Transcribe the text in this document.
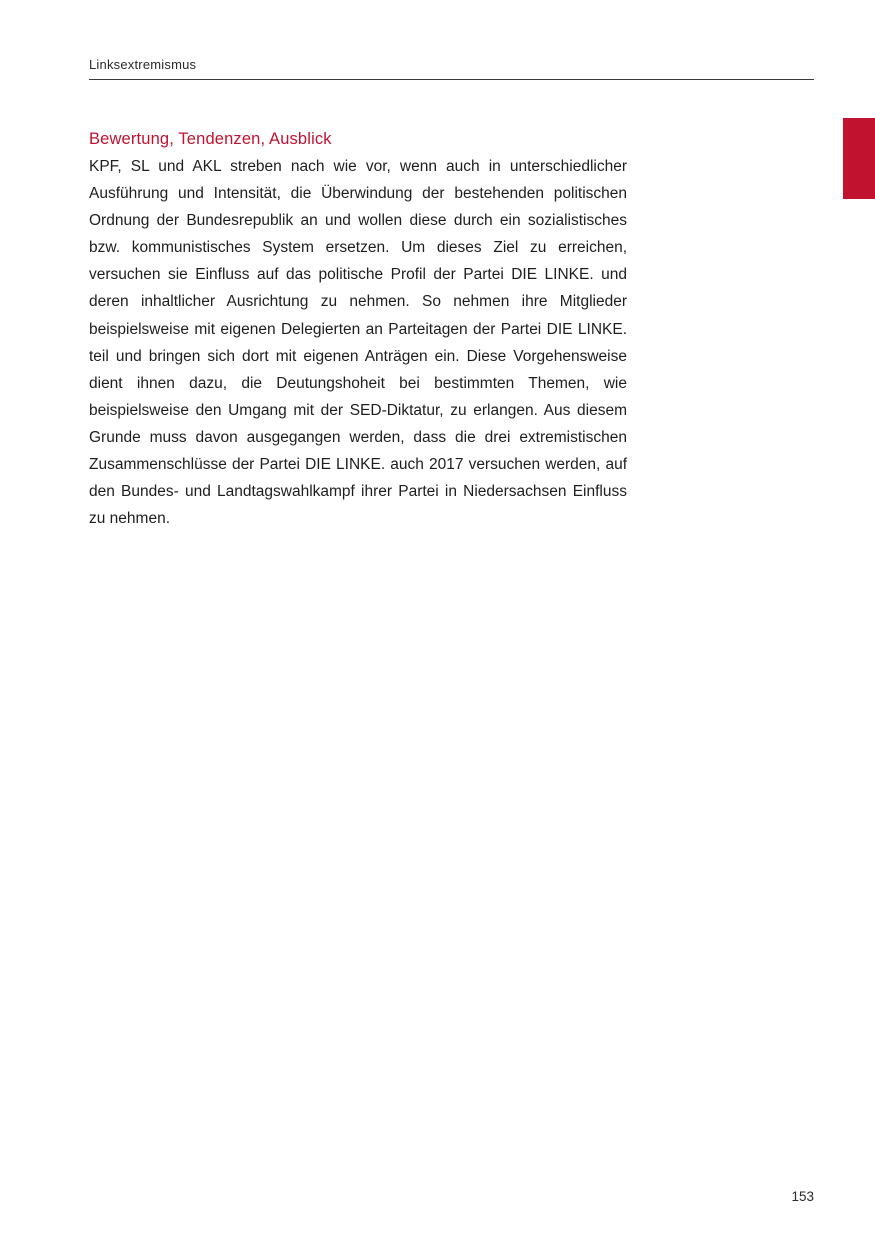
Linksextremismus
Bewertung, Tendenzen, Ausblick

KPF, SL und AKL streben nach wie vor, wenn auch in unterschiedlicher Ausführung und Intensität, die Überwindung der bestehenden politischen Ordnung der Bundesrepublik an und wollen diese durch ein sozialistisches bzw. kommunistisches System ersetzen. Um dieses Ziel zu erreichen, versuchen sie Einfluss auf das politische Profil der Partei DIE LINKE. und deren inhaltlicher Ausrichtung zu nehmen. So nehmen ihre Mitglieder beispielsweise mit eigenen Delegierten an Parteitagen der Partei DIE LINKE. teil und bringen sich dort mit eigenen Anträgen ein. Diese Vorgehensweise dient ihnen dazu, die Deutungshoheit bei bestimmten Themen, wie beispielsweise den Umgang mit der SED-Diktatur, zu erlangen. Aus diesem Grunde muss davon ausgegangen werden, dass die drei extremistischen Zusammenschlüsse der Partei DIE LINKE. auch 2017 versuchen werden, auf den Bundes- und Landtagswahlkampf ihrer Partei in Niedersachsen Einfluss zu nehmen.

153
